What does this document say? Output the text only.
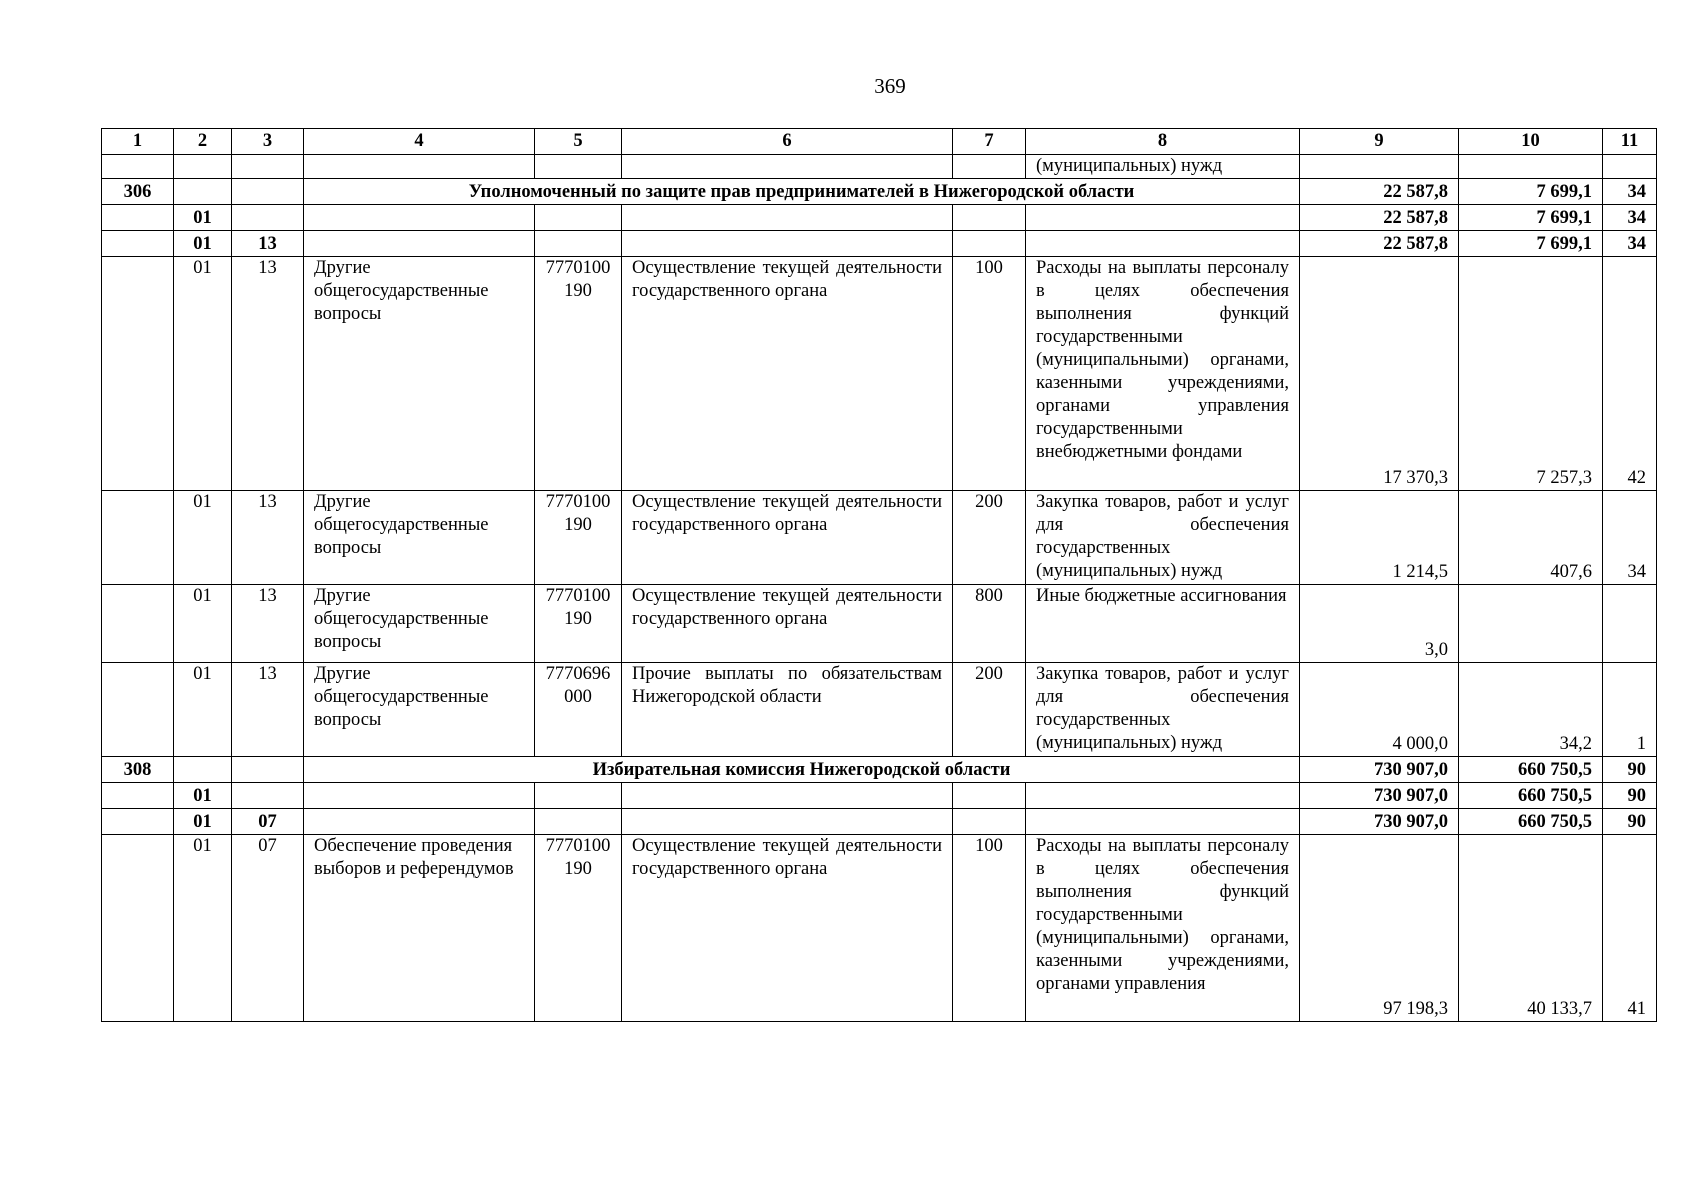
369
1	2	3	4	5	6	7	8	9	10	11
							(муниципальных) нужд			
306			Уполномоченный по защите прав предпринимателей в Нижегородской области					22 587,8	7 699,1	34
	01							22 587,8	7 699,1	34
	01	13						22 587,8	7 699,1	34
	01	13	Другие общегосударственные вопросы	7770100190	Осуществление текущей деятельности государственного органа	100	Расходы на выплаты персоналу в целях обеспечения выполнения функций государственными (муниципальными) органами, казенными учреждениями, органами управления государственными внебюджетными фондами	17 370,3	7 257,3	42
	01	13	Другие общегосударственные вопросы	7770100190	Осуществление текущей деятельности государственного органа	200	Закупка товаров, работ и услуг для обеспечения государственных (муниципальных) нужд	1 214,5	407,6	34
	01	13	Другие общегосударственные вопросы	7770100190	Осуществление текущей деятельности государственного органа	800	Иные бюджетные ассигнования	3,0		
	01	13	Другие общегосударственные вопросы	7770696000	Прочие выплаты по обязательствам Нижегородской области	200	Закупка товаров, работ и услуг для обеспечения государственных (муниципальных) нужд	4 000,0	34,2	1
308			Избирательная комиссия Нижегородской области					730 907,0	660 750,5	90
	01							730 907,0	660 750,5	90
	01	07						730 907,0	660 750,5	90
	01	07	Обеспечение проведения выборов и референдумов	7770100190	Осуществление текущей деятельности государственного органа	100	Расходы на выплаты персоналу в целях обеспечения выполнения функций государственными (муниципальными) органами, казенными учреждениями, органами управления	97 198,3	40 133,7	41
